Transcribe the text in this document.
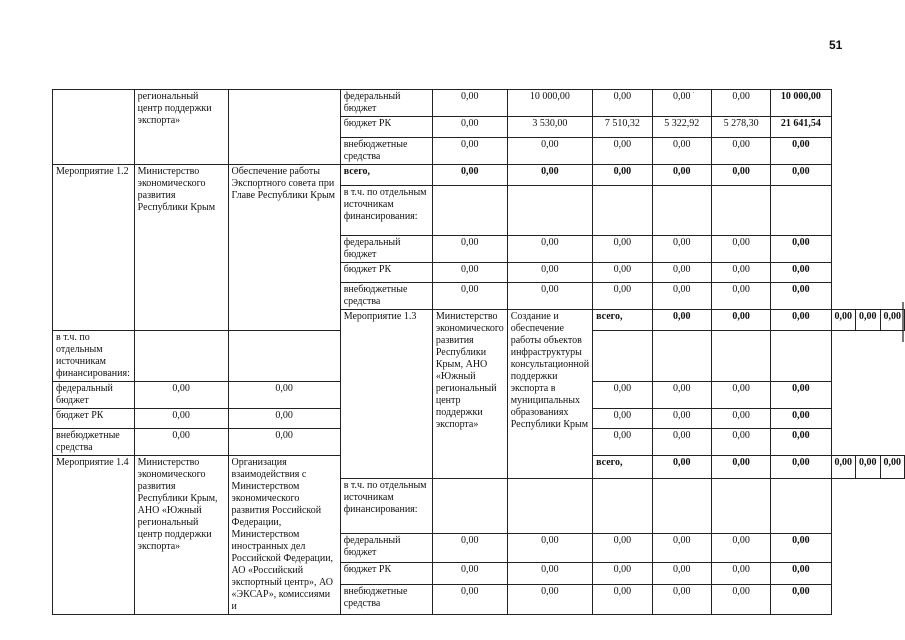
51
	региональный центр поддержки экспорта»		федеральный бюджет	0,00	10 000,00	0,00	0,00	0,00	10 000,00			
			бюджет РК	0,00	3 530,00	7 510,32	5 322,92	5 278,30	21 641,54			
			внебюджетные средства	0,00	0,00	0,00	0,00	0,00	0,00			
Мероприятие 1.2	Министерство экономического развития Республики Крым	Обеспечение работы Экспортного совета при Главе Республики Крым	всего,	0,00	0,00	0,00	0,00	0,00	0,00			
			в т.ч. по отдельным источникам финансирования:									
			федеральный бюджет	0,00	0,00	0,00	0,00	0,00	0,00			
			бюджет РК	0,00	0,00	0,00	0,00	0,00	0,00			
			внебюджетные средства	0,00	0,00	0,00	0,00	0,00	0,00			
			Мероприятие 1.3	Министерство экономического развития Республики Крым, АНО «Южный региональный центр поддержки экспорта»	Создание и обеспечение работы объектов инфраструктуры консультационной поддержки экспорта в муниципальных образованиях Республики Крым	всего,	0,00	0,00	0,00	0,00	0,00	0,00
в т.ч. по отдельным источникам финансирования:												
федеральный бюджет	0,00	0,00				0,00	0,00	0,00	0,00			
бюджет РК	0,00	0,00				0,00	0,00	0,00	0,00			
внебюджетные средства	0,00	0,00				0,00	0,00	0,00	0,00			
Мероприятие 1.4	Министерство экономического развития Республики Крым, АНО «Южный региональный центр поддержки экспорта»	Организация взаимодействия с Министерством экономического развития Российской Федерации, Министерством иностранных дел Российской Федерации, АО «Российский экспортный центр», АО «ЭКСАР», комиссиями и				всего,	0,00	0,00	0,00	0,00	0,00	0,00
			в т.ч. по отдельным источникам финансирования:									
			федеральный бюджет	0,00	0,00	0,00	0,00	0,00	0,00			
			бюджет РК	0,00	0,00	0,00	0,00	0,00	0,00			
			внебюджетные средства	0,00	0,00	0,00	0,00	0,00	0,00			
